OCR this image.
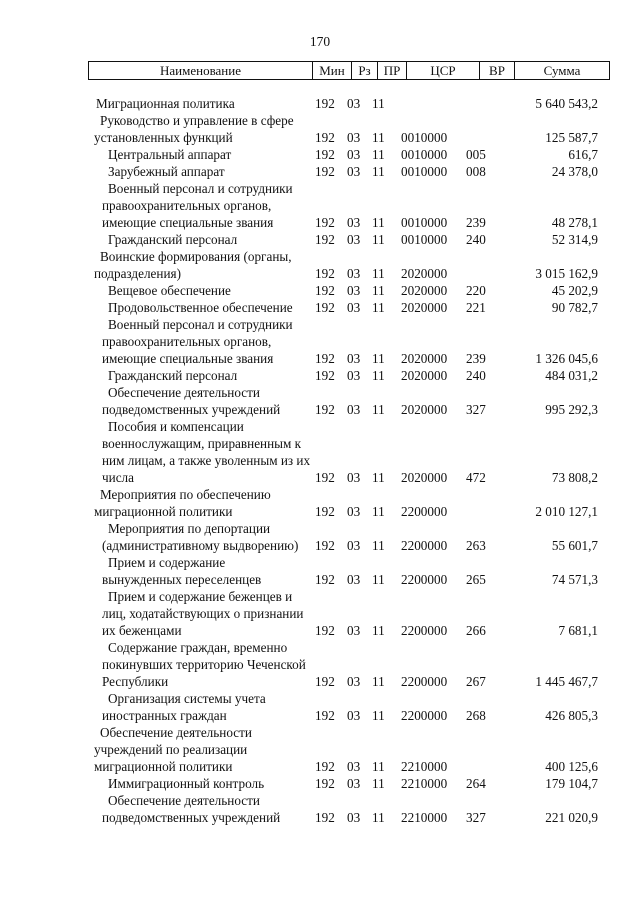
170
Наименование	Мин	Рз	ПР	ЦСР	ВР	Сумма
Миграционная политика	192 03 11	5 640 543,2
Руководство и управление в сфере
установленных функций	192 03 11 0010000	125 587,7
Центральный аппарат	192 03 11 0010000 005	616,7
Зарубежный аппарат	192 03 11 0010000 008	24 378,0
Военный персонал и сотрудники
правоохранительных органов,
имеющие специальные звания	192 03 11 0010000 239	48 278,1
Гражданский персонал	192 03 11 0010000 240	52 314,9
Воинские формирования (органы,
подразделения)	192 03 11 2020000	3 015 162,9
Вещевое обеспечение	192 03 11 2020000 220	45 202,9
Продовольственное обеспечение	192 03 11 2020000 221	90 782,7
Военный персонал и сотрудники
правоохранительных органов,
имеющие специальные звания	192 03 11 2020000 239	1 326 045,6
Гражданский персонал	192 03 11 2020000 240	484 031,2
Обеспечение деятельности
подведомственных учреждений	192 03 11 2020000 327	995 292,3
Пособия и компенсации
военнослужащим, приравненным к
ним лицам, а также уволенным из их
числа	192 03 11 2020000 472	73 808,2
Мероприятия по обеспечению
миграционной политики	192 03 11 2200000	2 010 127,1
Мероприятия по депортации
(административному выдворению)	192 03 11 2200000 263	55 601,7
Прием и содержание
вынужденных переселенцев	192 03 11 2200000 265	74 571,3
Прием и содержание беженцев и
лиц, ходатайствующих о признании
их беженцами	192 03 11 2200000 266	7 681,1
Содержание граждан, временно
покинувших территорию Чеченской
Республики	192 03 11 2200000 267	1 445 467,7
Организация системы учета
иностранных граждан	192 03 11 2200000 268	426 805,3
Обеспечение деятельности
учреждений по реализации
миграционной политики	192 03 11 2210000	400 125,6
Иммиграционный контроль	192 03 11 2210000 264	179 104,7
Обеспечение деятельности
подведомственных учреждений	192 03 11 2210000 327	221 020,9
